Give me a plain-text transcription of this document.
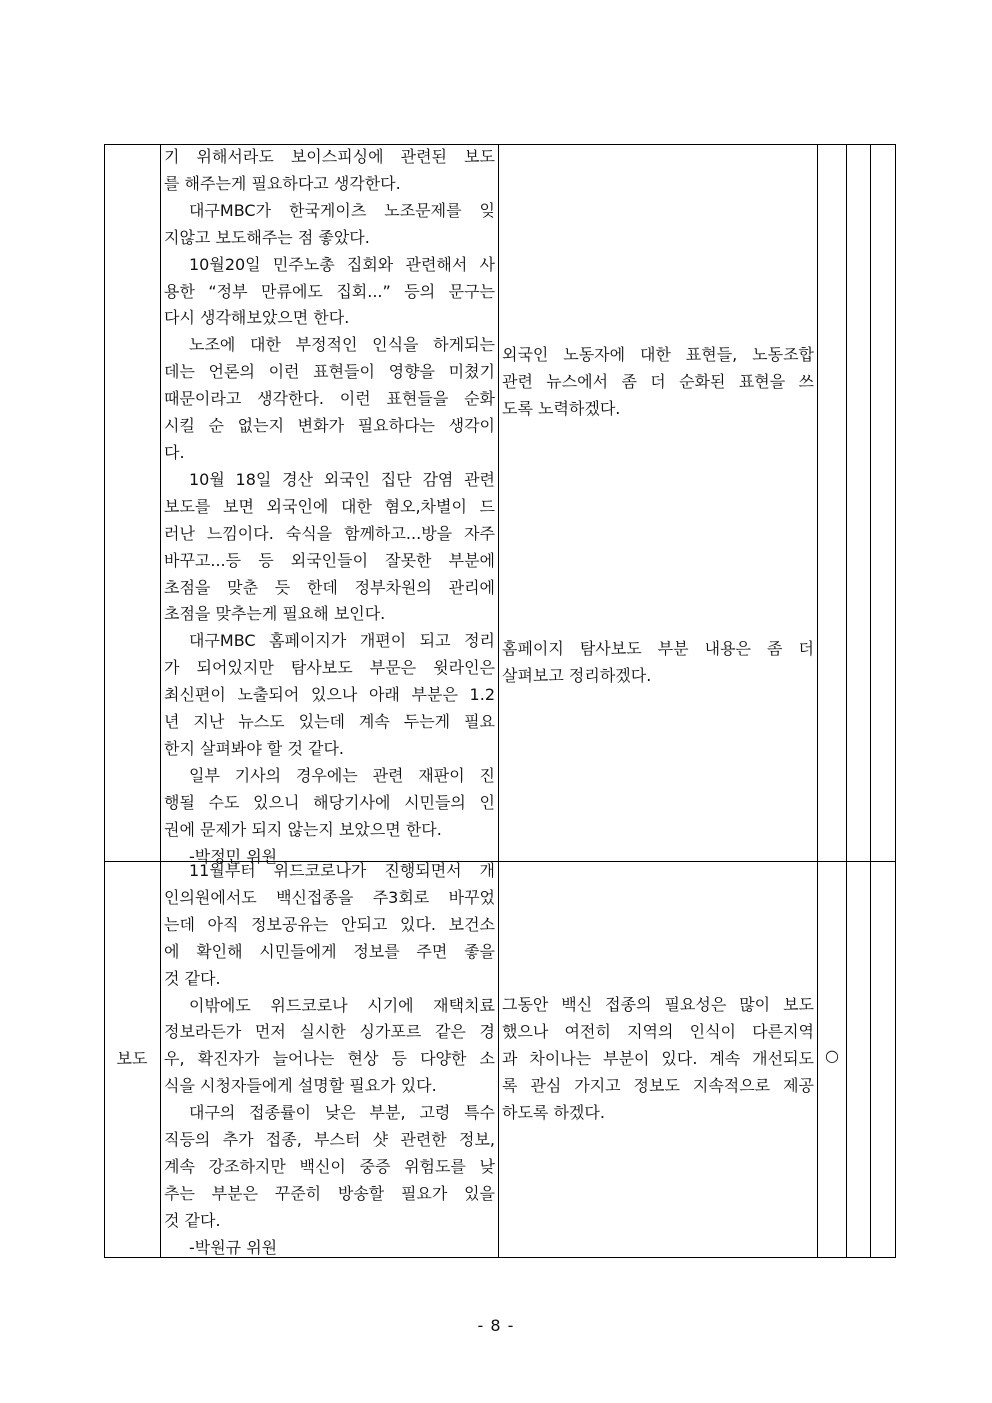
기 위해서라도 보이스피싱에 관련된 보도

를 해주는게 필요하다고 생각한다.

대구MBC가 한국게이츠 노조문제를 잊

지않고 보도해주는 점 좋았다.

10월20일 민주노총 집회와 관련해서 사

용한 “정부 만류에도 집회...” 등의 문구는

다시 생각해보았으면 한다.

노조에 대한 부정적인 인식을 하게되는

데는 언론의 이런 표현들이 영향을 미쳤기

때문이라고 생각한다. 이런 표현들을 순화

시킬 순 없는지 변화가 필요하다는 생각이

다.

10월 18일 경산 외국인 집단 감염 관련

보도를 보면 외국인에 대한 혐오,차별이 드

러난 느낌이다. 숙식을 함께하고...방을 자주

바꾸고...등 등 외국인들이 잘못한 부분에

초점을 맞춘 듯 한데 정부차원의 관리에

초점을 맞추는게 필요해 보인다.

대구MBC 홈페이지가 개편이 되고 정리

가 되어있지만 탐사보도 부문은 윗라인은

최신편이 노출되어 있으나 아래 부분은 1.2

년 지난 뉴스도 있는데 계속 두는게 필요

한지 살펴봐야 할 것 같다.

일부 기사의 경우에는 관련 재판이 진

행될 수도 있으니 해당기사에 시민들의 인

권에 문제가 되지 않는지 보았으면 한다.

-박정민 위원

외국인 노동자에 대한 표현들, 노동조합

관련 뉴스에서 좀 더 순화된 표현을 쓰

도록 노력하겠다.

홈페이지 탐사보도 부분 내용은 좀 더

살펴보고 정리하겠다.

보도

11월부터 위드코로나가 진행되면서 개

인의원에서도 백신접종을 주3회로 바꾸었

는데 아직 정보공유는 안되고 있다. 보건소

에 확인해 시민들에게 정보를 주면 좋을

것 같다.

이밖에도 위드코로나 시기에 재택치료

정보라든가 먼저 실시한 싱가포르 같은 경

우, 확진자가 늘어나는 현상 등 다양한 소

식을 시청자들에게 설명할 필요가 있다.

대구의 접종률이 낮은 부분, 고령 특수

직등의 추가 접종, 부스터 샷 관련한 정보,

계속 강조하지만 백신이 중증 위험도를 낮

추는 부분은 꾸준히 방송할 필요가 있을

것 같다.

-박원규 위원

그동안 백신 접종의 필요성은 많이 보도

했으나 여전히 지역의 인식이 다른지역

과 차이나는 부분이 있다. 계속 개선되도

록 관심 가지고 정보도 지속적으로 제공

하도록 하겠다.

○
- 8 -
